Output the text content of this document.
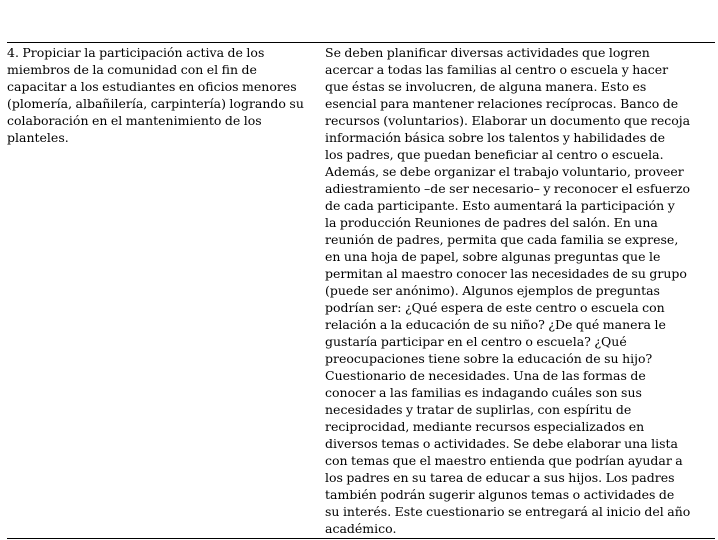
4. Propiciar la participación activa de los
miembros de la comunidad con el fin de
capacitar a los estudiantes en oficios menores
(plomería, albañilería, carpintería) logrando su
colaboración en el mantenimiento de los
planteles.
Se deben planificar diversas actividades que logren
acercar a todas las familias al centro o escuela y hacer
que éstas se involucren, de alguna manera. Esto es
esencial para mantener relaciones recíprocas. Banco de
recursos (voluntarios). Elaborar un documento que recoja
información básica sobre los talentos y habilidades de
los padres, que puedan beneficiar al centro o escuela.
Además, se debe organizar el trabajo voluntario, proveer
adiestramiento –de ser necesario– y reconocer el esfuerzo
de cada participante. Esto aumentará la participación y
la producción Reuniones de padres del salón. En una
reunión de padres, permita que cada familia se exprese,
en una hoja de papel, sobre algunas preguntas que le
permitan al maestro conocer las necesidades de su grupo
(puede ser anónimo). Algunos ejemplos de preguntas
podrían ser: ¿Qué espera de este centro o escuela con
relación a la educación de su niño? ¿De qué manera le
gustaría participar en el centro o escuela? ¿Qué
preocupaciones tiene sobre la educación de su hijo?
Cuestionario de necesidades. Una de las formas de
conocer a las familias es indagando cuáles son sus
necesidades y tratar de suplirlas, con espíritu de
reciprocidad, mediante recursos especializados en
diversos temas o actividades. Se debe elaborar una lista
con temas que el maestro entienda que podrían ayudar a
los padres en su tarea de educar a sus hijos. Los padres
también podrán sugerir algunos temas o actividades de
su interés. Este cuestionario se entregará al inicio del año
académico.
